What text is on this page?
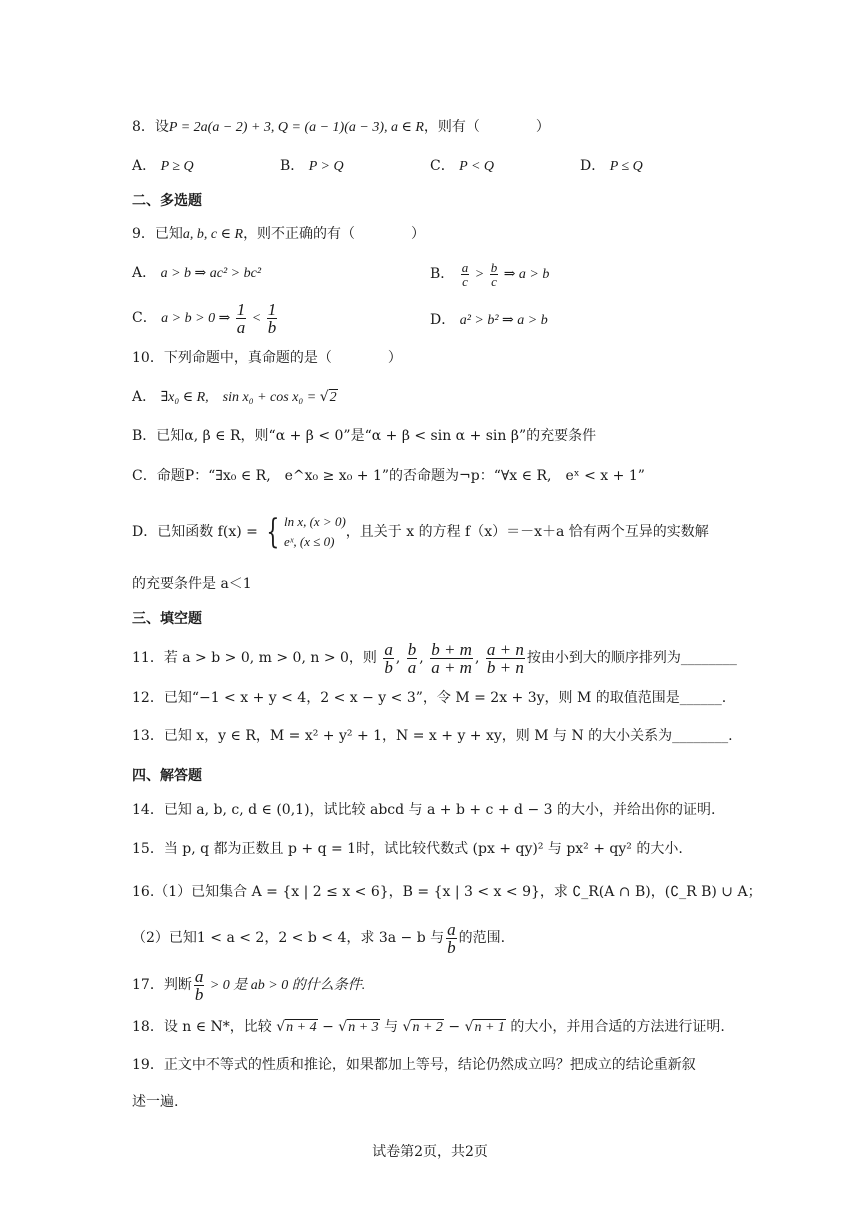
8．设P = 2a(a − 2) + 3, Q = (a − 1)(a − 3), a ∈ R，则有（　　　　）
A． P ≥ Q	B． P > Q	C． P < Q	D． P ≤ Q
二、多选题
9．已知a, b, c ∈ R，则不正确的有（　　　　）
A． a > b ⇒ ac² > bc²	B． $\frac{a}{c} > \frac{b}{c}$ ⇒ a > b
C． a > b > 0 ⇒ $\frac{1}{a} < \frac{1}{b}$	D． a² > b² ⇒ a > b
10．下列命题中，真命题的是（　　　　）
A． ∃x₀ ∈ R,　sin x₀ + cos x₀ = √2
B．已知α, β ∈ R，则“α + β < 0”是“α + β < sin α + sin β”的充要条件
C．命题P：“∃x₀ ∈ R,　e^x₀ ≥ x₀ + 1”的否命题为¬p：“∀x ∈ R,　eˣ < x + 1”
D．已知函数 f(x) = { ln x, (x > 0)
eˣ, (x ≤ 0)
，且关于 x 的方程 f（x）＝－x＋a 恰有两个互异的实数解
的充要条件是 a＜1
三、填空题
11．若 a > b > 0, m > 0, n > 0，则 $\frac{a}{b}$ , $\frac{b}{a}$ , $\frac{b + m}{a + m}$ , $\frac{a + n}{b + n}$ 按由小到大的顺序排列为________
12．已知“−1 < x + y < 4，2 < x − y < 3”，令 M = 2x + 3y，则 M 的取值范围是______.
13．已知 x，y ∈ R，M = x² + y² + 1，N = x + y + xy，则 M 与 N 的大小关系为________.
四、解答题
14．已知 a, b, c, d ∈ (0,1)，试比较 abcd 与 a + b + c + d − 3 的大小，并给出你的证明.
15．当 p, q 都为正数且 p + q = 1时，试比较代数式 (px + qy)² 与 px² + qy² 的大小.
16.（1）已知集合 A = {x | 2 ≤ x < 6}，B = {x | 3 < x < 9}，求 ∁_R(A ∩ B)，(∁_R B) ∪ A；
（2）已知1 < a < 2，2 < b < 4，求 3a − b 与 $\frac{a}{b}$ 的范围.
17．判断 $\frac{a}{b} > 0$ 是 ab > 0 的什么条件.
18．设 n ∈ N*，比较 √n + 4 − √n + 3 与 √n + 2 − √n + 1 的大小，并用合适的方法进行证明.
19．正文中不等式的性质和推论，如果都加上等号，结论仍然成立吗？把成立的结论重新叙
述一遍.
试卷第2页，共2页
